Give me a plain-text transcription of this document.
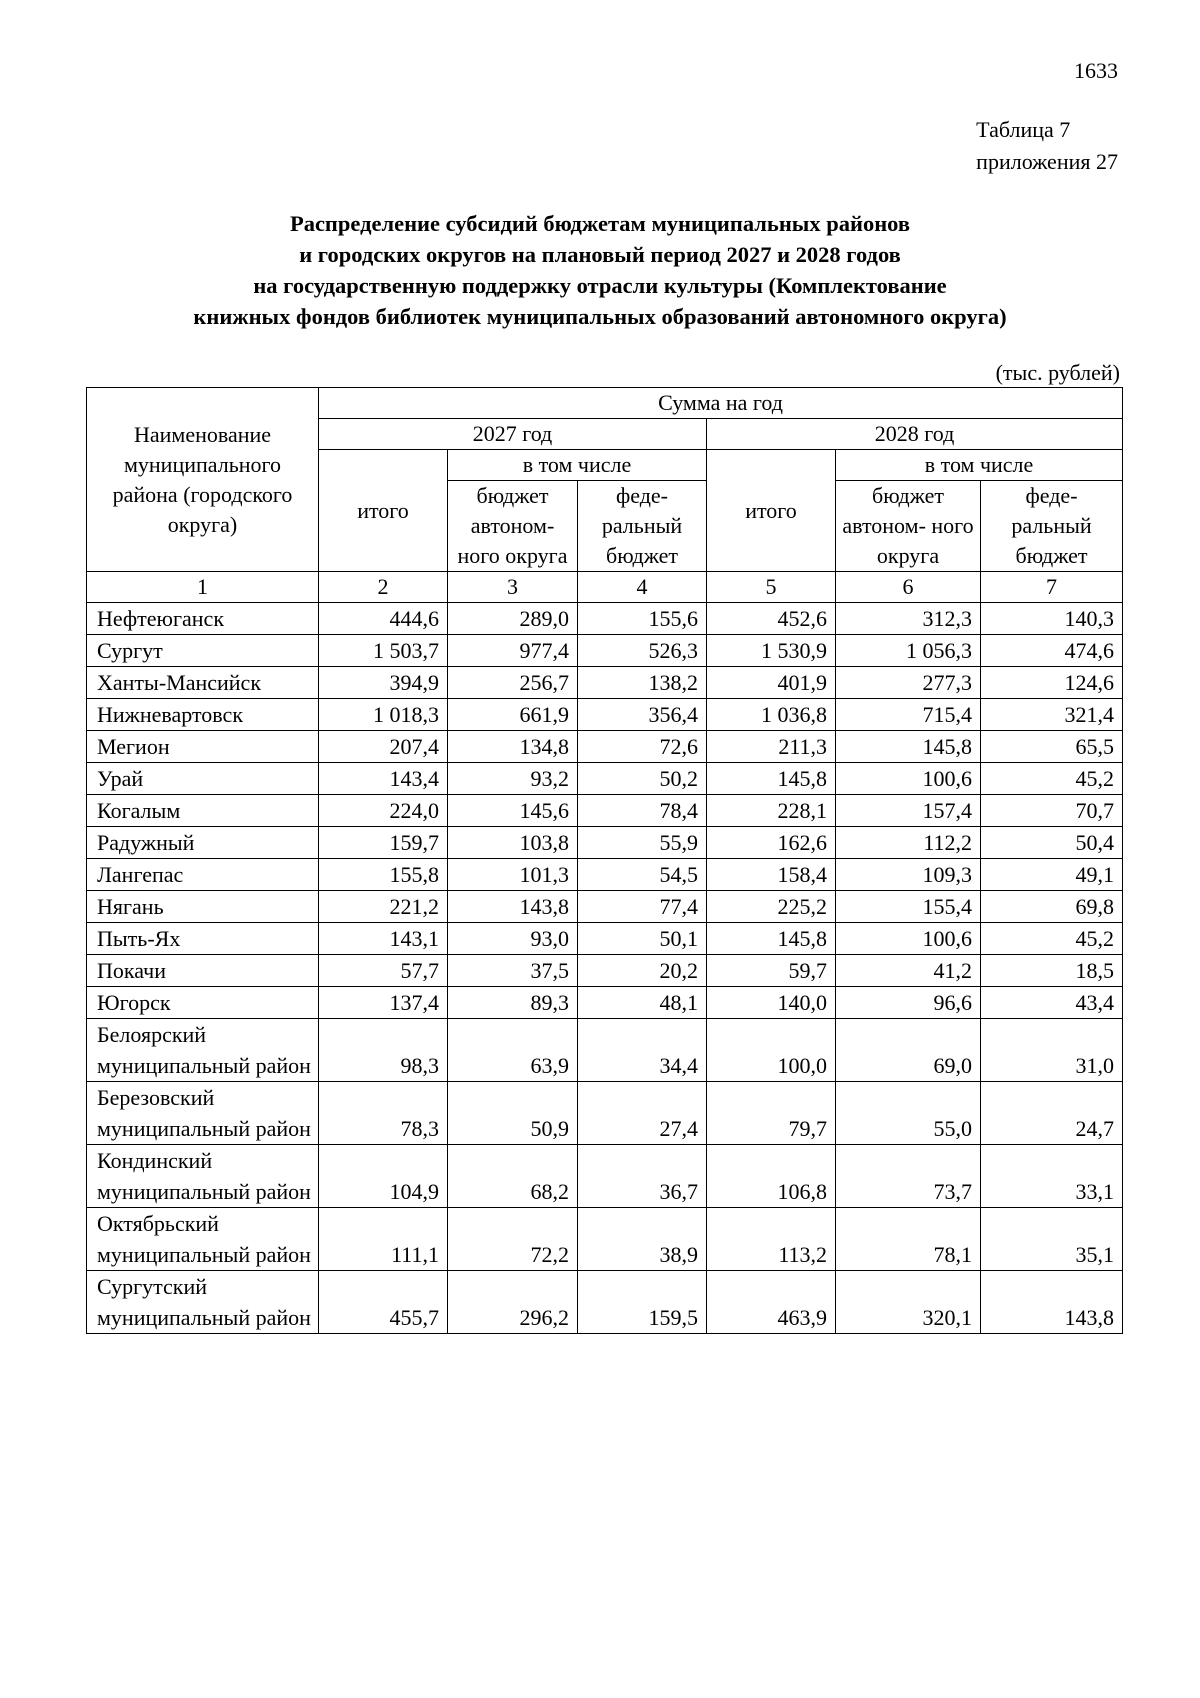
1633
Таблица 7
приложения 27
Распределение субсидий бюджетам муниципальных районов
и городских округов на плановый период 2027 и 2028 годов
на государственную поддержку отрасли культуры (Комплектование
книжных фондов библиотек муниципальных образований автономного округа)
(тыс. рублей)
Наименование муниципального района (городского округа)	Сумма на год					
	2027 год			2028 год		
	итого	в том числе		итого	в том числе	
		бюджет автоном- ного округа	феде- ральный бюджет		бюджет автоном- ного округа	феде- ральный бюджет
1	2	3	4	5	6	7
Нефтеюганск	444,6	289,0	155,6	452,6	312,3	140,3
Сургут	1 503,7	977,4	526,3	1 530,9	1 056,3	474,6
Ханты-Мансийск	394,9	256,7	138,2	401,9	277,3	124,6
Нижневартовск	1 018,3	661,9	356,4	1 036,8	715,4	321,4
Мегион	207,4	134,8	72,6	211,3	145,8	65,5
Урай	143,4	93,2	50,2	145,8	100,6	45,2
Когалым	224,0	145,6	78,4	228,1	157,4	70,7
Радужный	159,7	103,8	55,9	162,6	112,2	50,4
Лангепас	155,8	101,3	54,5	158,4	109,3	49,1
Нягань	221,2	143,8	77,4	225,2	155,4	69,8
Пыть-Ях	143,1	93,0	50,1	145,8	100,6	45,2
Покачи	57,7	37,5	20,2	59,7	41,2	18,5
Югорск	137,4	89,3	48,1	140,0	96,6	43,4
Белоярский муниципальный район	98,3	63,9	34,4	100,0	69,0	31,0
Березовский муниципальный район	78,3	50,9	27,4	79,7	55,0	24,7
Кондинский муниципальный район	104,9	68,2	36,7	106,8	73,7	33,1
Октябрьский муниципальный район	111,1	72,2	38,9	113,2	78,1	35,1
Сургутский муниципальный район	455,7	296,2	159,5	463,9	320,1	143,8
